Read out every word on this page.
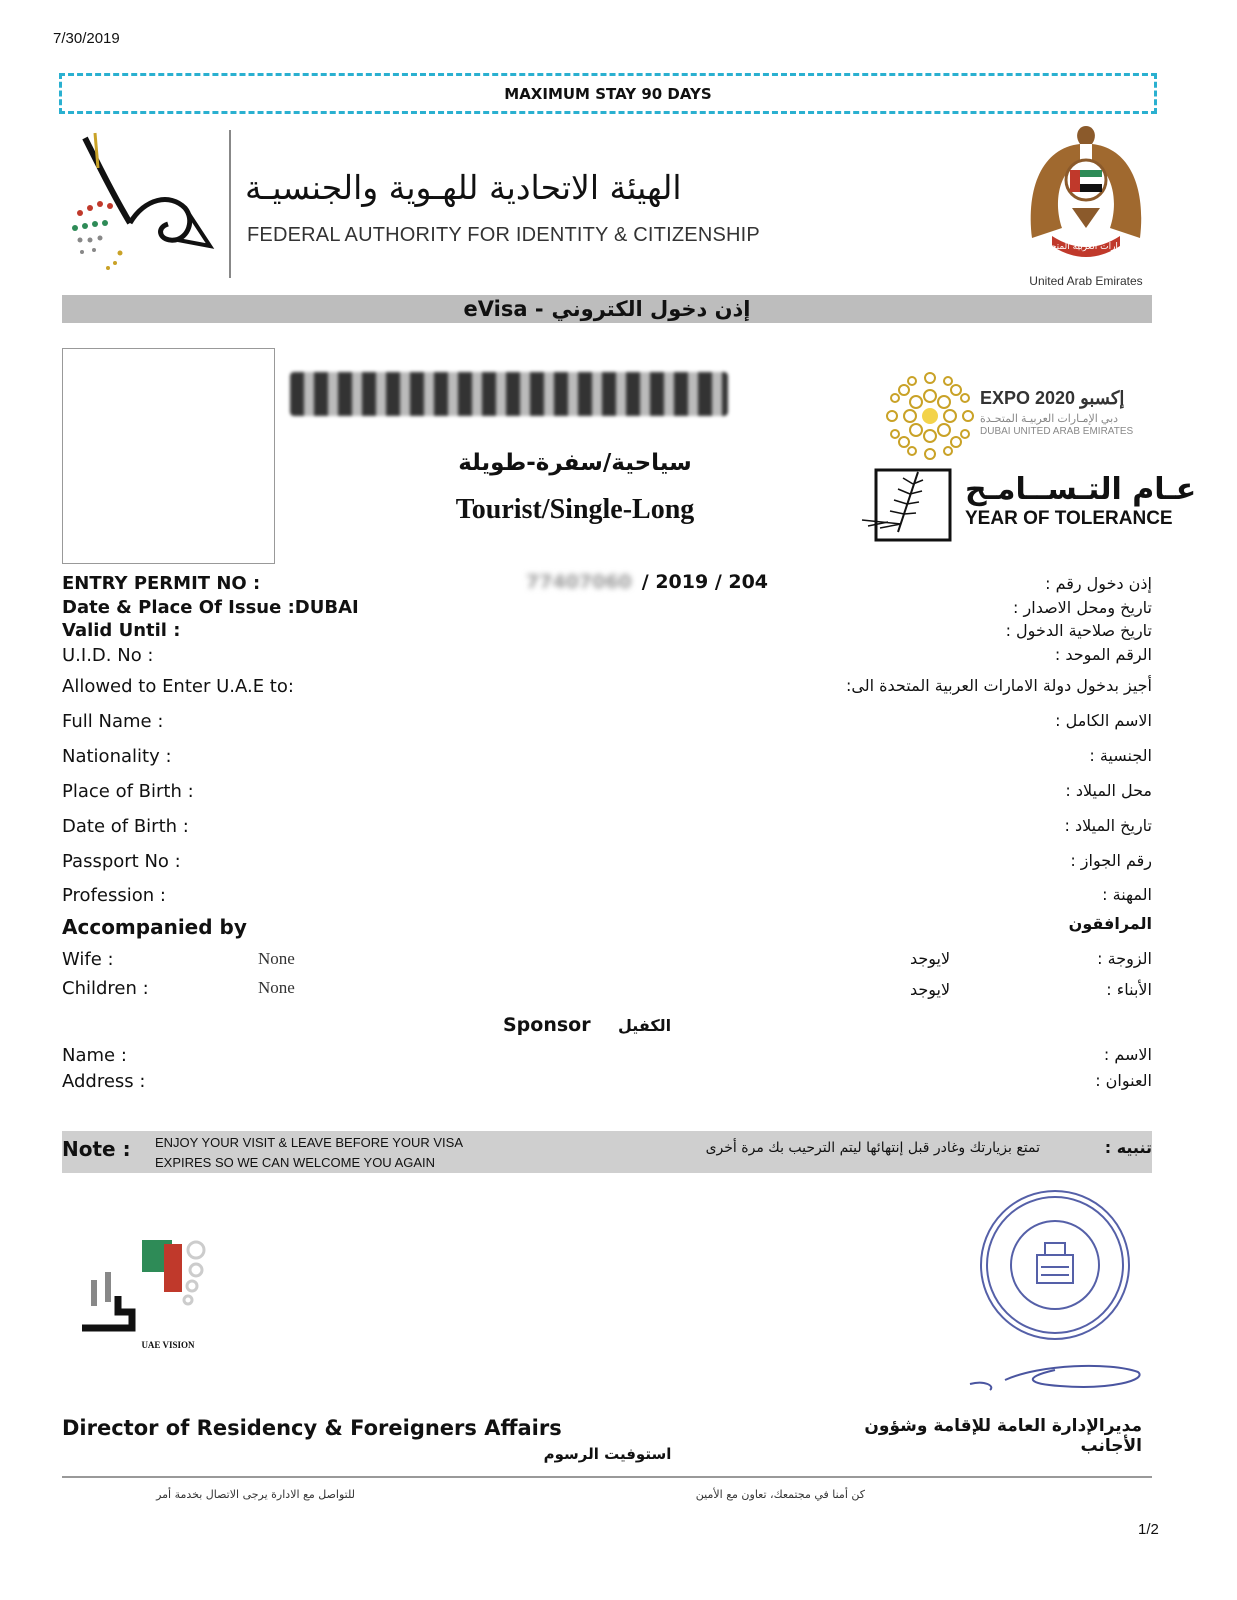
7/30/2019
MAXIMUM STAY 90 DAYS
الهيئة الاتحادية للهـوية والجنسيـة
FEDERAL AUTHORITY FOR IDENTITY & CITIZENSHIP
الإمارات العربية المتحدة
United Arab Emirates
eVisa - إذن دخول الكتروني
سياحية/سفرة-طويلة
Tourist/Single-Long
EXPO 2020 إكسبو
دبي الإمـارات العربيـة المتحـدة
DUBAI UNITED ARAB EMIRATES
عـام التـســامـح
YEAR OF TOLERANCE
ENTRY PERMIT NO :	77407060 / 2019 / 204	إذن دخول رقم :
Date & Place Of Issue :DUBAI	تاريخ ومحل الاصدار :
Valid Until :	تاريخ صلاحية الدخول :
U.I.D. No :	الرقم الموحد :
Allowed to Enter U.A.E to:	أجيز بدخول دولة الامارات العربية المتحدة الى:
Full Name :	الاسم الكامل :
Nationality :	الجنسية :
Place of Birth :	محل الميلاد :
Date of Birth :	تاريخ الميلاد :
Passport No :	رقم الجواز :
Profession :	المهنة :
Accompanied by	المرافقون
Wife :	None	لايوجد	الزوجة :
Children :	None	لايوجد	الأبناء :
Sponsor الكفيل
Name :	الاسم :
Address :	العنوان :
Note : ENJOY YOUR VISIT & LEAVE BEFORE YOUR VISA
EXPIRES SO WE CAN WELCOME YOU AGAIN
تمتع بزيارتك وغادر قبل إنتهائها ليتم الترحيب بك مرة أخرى	تنبيه :
UAE VISION
Director of Residency & Foreigners Affairs	مديرالإدارة العامة للإقامة وشؤون الأجانب
استوفيت الرسوم
للتواصل مع الادارة يرجى الاتصال بخدمة أمر	كن أمنا في مجتمعك، تعاون مع الأمين
1/2
